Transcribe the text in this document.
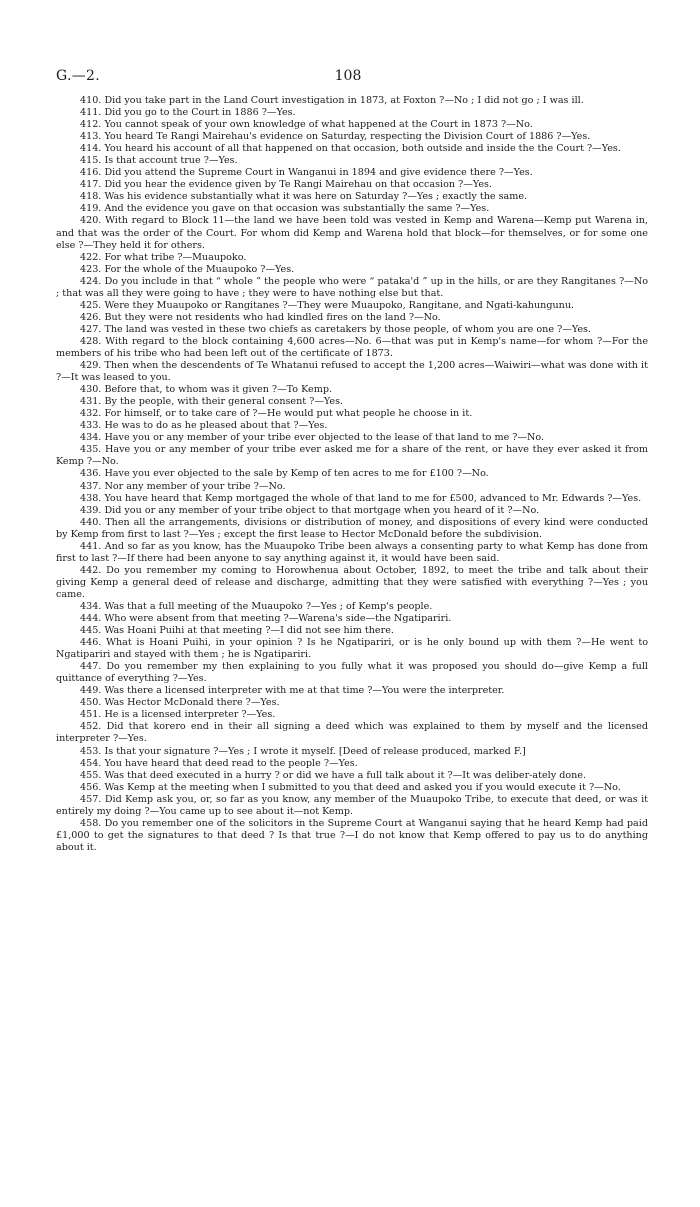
G.—2.	108

410. Did you take part in the Land Court investigation in 1873, at Foxton ?—No ; I did not go ; I was ill.

411. Did you go to the Court in 1886 ?—Yes.

412. You cannot speak of your own knowledge of what happened at the Court in 1873 ?—No.

413. You heard Te Rangi Mairehau's evidence on Saturday, respecting the Division Court of 1886 ?—Yes.

414. You heard his account of all that happened on that occasion, both outside and inside the the Court ?—Yes.

415. Is that account true ?—Yes.

416. Did you attend the Supreme Court in Wanganui in 1894 and give evidence there ?—Yes.

417. Did you hear the evidence given by Te Rangi Mairehau on that occasion ?—Yes.

418. Was his evidence substantially what it was here on Saturday ?—Yes ; exactly the same.

419. And the evidence you gave on that occasion was substantially the same ?—Yes.

420. With regard to Block 11—the land we have been told was vested in Kemp and Warena—Kemp put Warena in, and that was the order of the Court. For whom did Kemp and Warena hold that block—for themselves, or for some one else ?—They held it for others.

422. For what tribe ?—Muaupoko.

423. For the whole of the Muaupoko ?—Yes.

424. Do you include in that “ whole ” the people who were “ pataka'd ” up in the hills, or are they Rangitanes ?—No ; that was all they were going to have ; they were to have nothing else but that.

425. Were they Muaupoko or Rangitanes ?—They were Muaupoko, Rangitane, and Ngati-kahungunu.

426. But they were not residents who had kindled fires on the land ?—No.

427. The land was vested in these two chiefs as caretakers by those people, of whom you are one ?—Yes.

428. With regard to the block containing 4,600 acres—No. 6—that was put in Kemp's name—for whom ?—For the members of his tribe who had been left out of the certificate of 1873.

429. Then when the descendents of Te Whatanui refused to accept the 1,200 acres—Waiwiri—what was done with it ?—It was leased to you.

430. Before that, to whom was it given ?—To Kemp.

431. By the people, with their general consent ?—Yes.

432. For himself, or to take care of ?—He would put what people he choose in it.

433. He was to do as he pleased about that ?—Yes.

434. Have you or any member of your tribe ever objected to the lease of that land to me ?—No.

435. Have you or any member of your tribe ever asked me for a share of the rent, or have they ever asked it from Kemp ?—No.

436. Have you ever objected to the sale by Kemp of ten acres to me for £100 ?—No.

437. Nor any member of your tribe ?—No.

438. You have heard that Kemp mortgaged the whole of that land to me for £500, advanced to Mr. Edwards ?—Yes.

439. Did you or any member of your tribe object to that mortgage when you heard of it ?—No.

440. Then all the arrangements, divisions or distribution of money, and dispositions of every kind were conducted by Kemp from first to last ?—Yes ; except the first lease to Hector McDonald before the subdivision.

441. And so far as you know, has the Muaupoko Tribe been always a consenting party to what Kemp has done from first to last ?—If there had been anyone to say anything against it, it would have been said.

442. Do you remember my coming to Horowhenua about October, 1892, to meet the tribe and talk about their giving Kemp a general deed of release and discharge, admitting that they were satisfied with everything ?—Yes ; you came.

434. Was that a full meeting of the Muaupoko ?—Yes ; of Kemp's people.

444. Who were absent from that meeting ?—Warena's side—the Ngatipariri.

445. Was Hoani Puihi at that meeting ?—I did not see him there.

446. What is Hoani Puihi, in your opinion ? Is he Ngatipariri, or is he only bound up with them ?—He went to Ngatipariri and stayed with them ; he is Ngatipariri.

447. Do you remember my then explaining to you fully what it was proposed you should do—give Kemp a full quittance of everything ?—Yes.

449. Was there a licensed interpreter with me at that time ?—You were the interpreter.

450. Was Hector McDonald there ?—Yes.

451. He is a licensed interpreter ?—Yes.

452. Did that korero end in their all signing a deed which was explained to them by myself and the licensed interpreter ?—Yes.

453. Is that your signature ?—Yes ; I wrote it myself. [Deed of release produced, marked F.]

454. You have heard that deed read to the people ?—Yes.

455. Was that deed executed in a hurry ? or did we have a full talk about it ?—It was deliber-ately done.

456. Was Kemp at the meeting when I submitted to you that deed and asked you if you would execute it ?—No.

457. Did Kemp ask you, or, so far as you know, any member of the Muaupoko Tribe, to execute that deed, or was it entirely my doing ?—You came up to see about it—not Kemp.

458. Do you remember one of the solicitors in the Supreme Court at Wanganui saying that he heard Kemp had paid £1,000 to get the signatures to that deed ? Is that true ?—I do not know that Kemp offered to pay us to do anything about it.
